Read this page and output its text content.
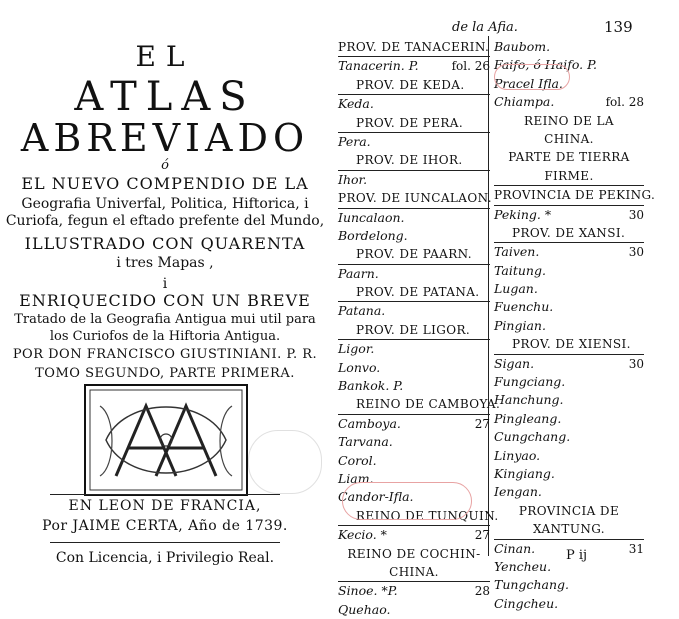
EL
ATLAS
ABREVIADO
ó
EL NUEVO COMPENDIO DE LA
Geografia Univerfal, Politica, Hiftorica, i
Curiofa, fegun el eftado prefente del Mundo,
ILLUSTRADO CON QUARENTA
i tres Mapas ,
i
ENRIQUECIDO CON UN BREVE
Tratado de la Geografia Antigua mui util para
los Curiofos de la Hiftoria Antigua.
POR DON FRANCISCO GIUSTINIANI. P. R.
TOMO SEGUNDO, PARTE PRIMERA.
EN LEON DE FRANCIA,
Por JAIME CERTA, Año de 1739.
Con Licencia, i Privilegio Real.
de la Afia.	139
PROV. DE TANACERIN.
Tanacerin. P.	fol. 26
PROV. DE KEDA.
Keda.
PROV. DE PERA.
Pera.
PROV. DE IHOR.
Ihor.
PROV. DE IUNCALAON.
Iuncalaon.
Bordelong.
PROV. DE PAARN.
Paarn.
PROV. DE PATANA.
Patana.
PROV. DE LIGOR.
Ligor.
Lonvo.
Bankok. P.
REINO DE CAMBOYA.
Camboya.	27
Tarvana.
Corol.
Liam.
Candor-Ifla.
REINO DE TUNQUIN.
Kecio. *	27
REINO DE COCHIN-
CHINA.
Sinoe. *P.	28
Quehao.
Baubom.
Faifo, ó Haifo. P.
Pracel Ifla.
Chiampa.	fol. 28
REINO DE LA
CHINA.
PARTE DE TIERRA
FIRME.
PROVINCIA DE PEKING.
Peking. *	30
PROV. DE XANSI.
Taiven.	30
Taitung.
Lugan.
Fuenchu.
Pingian.
PROV. DE XIENSI.
Sigan.	30
Fungciang.
Hanchung.
Pingleang.
Cungchang.
Linyao.
Kingiang.
Iengan.
PROVINCIA DE
XANTUNG.
Cinan.	31
Yencheu.
Tungchang.
Cingcheu.
P ij
